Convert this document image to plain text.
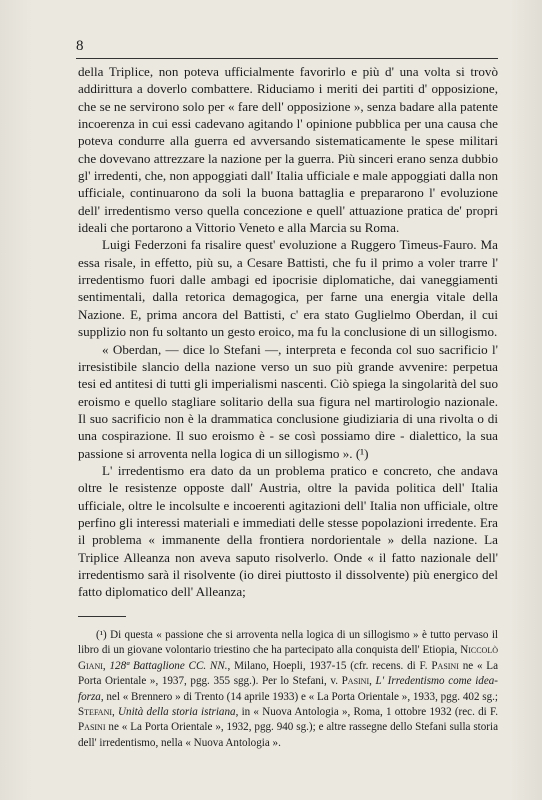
8

della Triplice, non poteva ufficialmente favorirlo e più d' una volta si trovò addirittura a doverlo combattere. Riduciamo i meriti dei partiti d' opposizione, che se ne servirono solo per « fare dell' opposizione », senza badare alla patente incoerenza in cui essi cadevano agitando l' opinione pubblica per una causa che poteva condurre alla guerra ed avversando sistematicamente le spese militari che dovevano attrezzare la nazione per la guerra. Più sinceri erano senza dubbio gl' irredenti, che, non appoggiati dall' Italia ufficiale e male appoggiati dalla non ufficiale, continuarono da soli la buona battaglia e prepararono l' evoluzione dell' irredentismo verso quella concezione e quell' attuazione pratica de' propri ideali che portarono a Vittorio Veneto e alla Marcia su Roma.

Luigi Federzoni fa risalire quest' evoluzione a Ruggero Timeus-Fauro. Ma essa risale, in effetto, più su, a Cesare Battisti, che fu il primo a voler trarre l' irredentismo fuori dalle ambagi ed ipocrisie diplomatiche, dai vaneggiamenti sentimentali, dalla retorica demagogica, per farne una energia vitale della Nazione. E, prima ancora del Battisti, c' era stato Guglielmo Oberdan, il cui supplizio non fu soltanto un gesto eroico, ma fu la conclusione di un sillogismo.

« Oberdan, — dice lo Stefani —, interpreta e feconda col suo sacrificio l' irresistibile slancio della nazione verso un suo più grande avvenire: perpetua tesi ed antitesi di tutti gli imperialismi nascenti. Ciò spiega la singolarità del suo eroismo e quello stagliare solitario della sua figura nel martirologio nazionale. Il suo sacrificio non è la drammatica conclusione giudiziaria di una rivolta o di una cospirazione. Il suo eroismo è - se così possiamo dire - dialettico, la sua passione si arroventa nella logica di un sillogismo ». (¹)

L' irredentismo era dato da un problema pratico e concreto, che andava oltre le resistenze opposte dall' Austria, oltre la pavida politica dell' Italia ufficiale, oltre le incolsulte e incoerenti agitazioni dell' Italia non ufficiale, oltre perfino gli interessi materiali e immediati delle stesse popolazioni irredente. Era il problema « immanente della frontiera nordorientale » della nazione. La Triplice Alleanza non aveva saputo risolverlo. Onde « il fatto nazionale dell' irredentismo sarà il risolvente (io direi piuttosto il dissolvente) più energico del fatto diplomatico dell' Alleanza;

(¹) Di questa « passione che si arroventa nella logica di un sillogismo » è tutto pervaso il libro di un giovane volontario triestino che ha partecipato alla conquista dell' Etiopia, Niccolò Giani, 128ª Battaglione CC. NN., Milano, Hoepli, 1937-15 (cfr. recens. di F. Pasini ne « La Porta Orientale », 1937, pgg. 355 sgg.). Per lo Stefani, v. Pasini, L' Irredentismo come idea-forza, nel « Brennero » di Trento (14 aprile 1933) e « La Porta Orientale », 1933, pgg. 402 sg.; Stefani, Unità della storia istriana, in « Nuova Antologia », Roma, 1 ottobre 1932 (rec. di F. Pasini ne « La Porta Orientale », 1932, pgg. 940 sg.); e altre rassegne dello Stefani sulla storia dell' irredentismo, nella « Nuova Antologia ».
